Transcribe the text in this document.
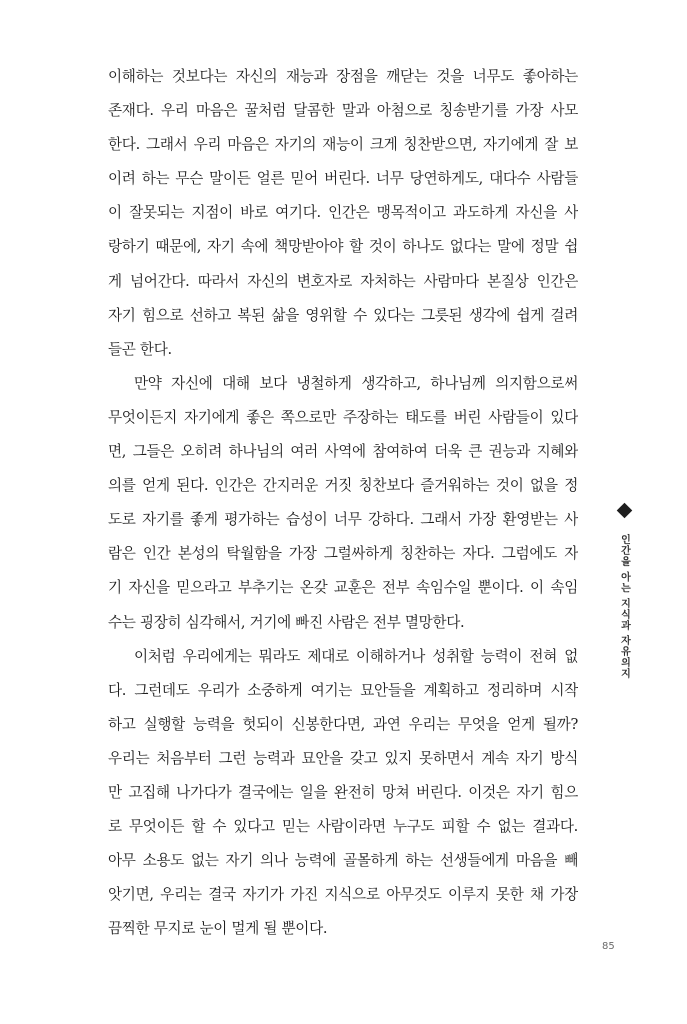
이해하는 것보다는 자신의 재능과 장점을 깨닫는 것을 너무도 좋아하는
존재다. 우리 마음은 꿀처럼 달콤한 말과 아첨으로 칭송받기를 가장 사모
한다. 그래서 우리 마음은 자기의 재능이 크게 칭찬받으면, 자기에게 잘 보
이려 하는 무슨 말이든 얼른 믿어 버린다. 너무 당연하게도, 대다수 사람들
이 잘못되는 지점이 바로 여기다. 인간은 맹목적이고 과도하게 자신을 사
랑하기 때문에, 자기 속에 책망받아야 할 것이 하나도 없다는 말에 정말 쉽
게 넘어간다. 따라서 자신의 변호자로 자처하는 사람마다 본질상 인간은
자기 힘으로 선하고 복된 삶을 영위할 수 있다는 그릇된 생각에 쉽게 걸려
들곤 한다.
만약 자신에 대해 보다 냉철하게 생각하고, 하나님께 의지함으로써
무엇이든지 자기에게 좋은 쪽으로만 주장하는 태도를 버린 사람들이 있다
면, 그들은 오히려 하나님의 여러 사역에 참여하여 더욱 큰 권능과 지혜와
의를 얻게 된다. 인간은 간지러운 거짓 칭찬보다 즐거워하는 것이 없을 정
도로 자기를 좋게 평가하는 습성이 너무 강하다. 그래서 가장 환영받는 사
람은 인간 본성의 탁월함을 가장 그럴싸하게 칭찬하는 자다. 그럼에도 자
기 자신을 믿으라고 부추기는 온갖 교훈은 전부 속임수일 뿐이다. 이 속임
수는 굉장히 심각해서, 거기에 빠진 사람은 전부 멸망한다.
이처럼 우리에게는 뭐라도 제대로 이해하거나 성취할 능력이 전혀 없
다. 그런데도 우리가 소중하게 여기는 묘안들을 계획하고 정리하며 시작
하고 실행할 능력을 헛되이 신봉한다면, 과연 우리는 무엇을 얻게 될까?
우리는 처음부터 그런 능력과 묘안을 갖고 있지 못하면서 계속 자기 방식
만 고집해 나가다가 결국에는 일을 완전히 망쳐 버린다. 이것은 자기 힘으
로 무엇이든 할 수 있다고 믿는 사람이라면 누구도 피할 수 없는 결과다.
아무 소용도 없는 자기 의나 능력에 골몰하게 하는 선생들에게 마음을 빼
앗기면, 우리는 결국 자기가 가진 지식으로 아무것도 이루지 못한 채 가장
끔찍한 무지로 눈이 멀게 될 뿐이다.
인간을 아는 지식과 자유의지
85
